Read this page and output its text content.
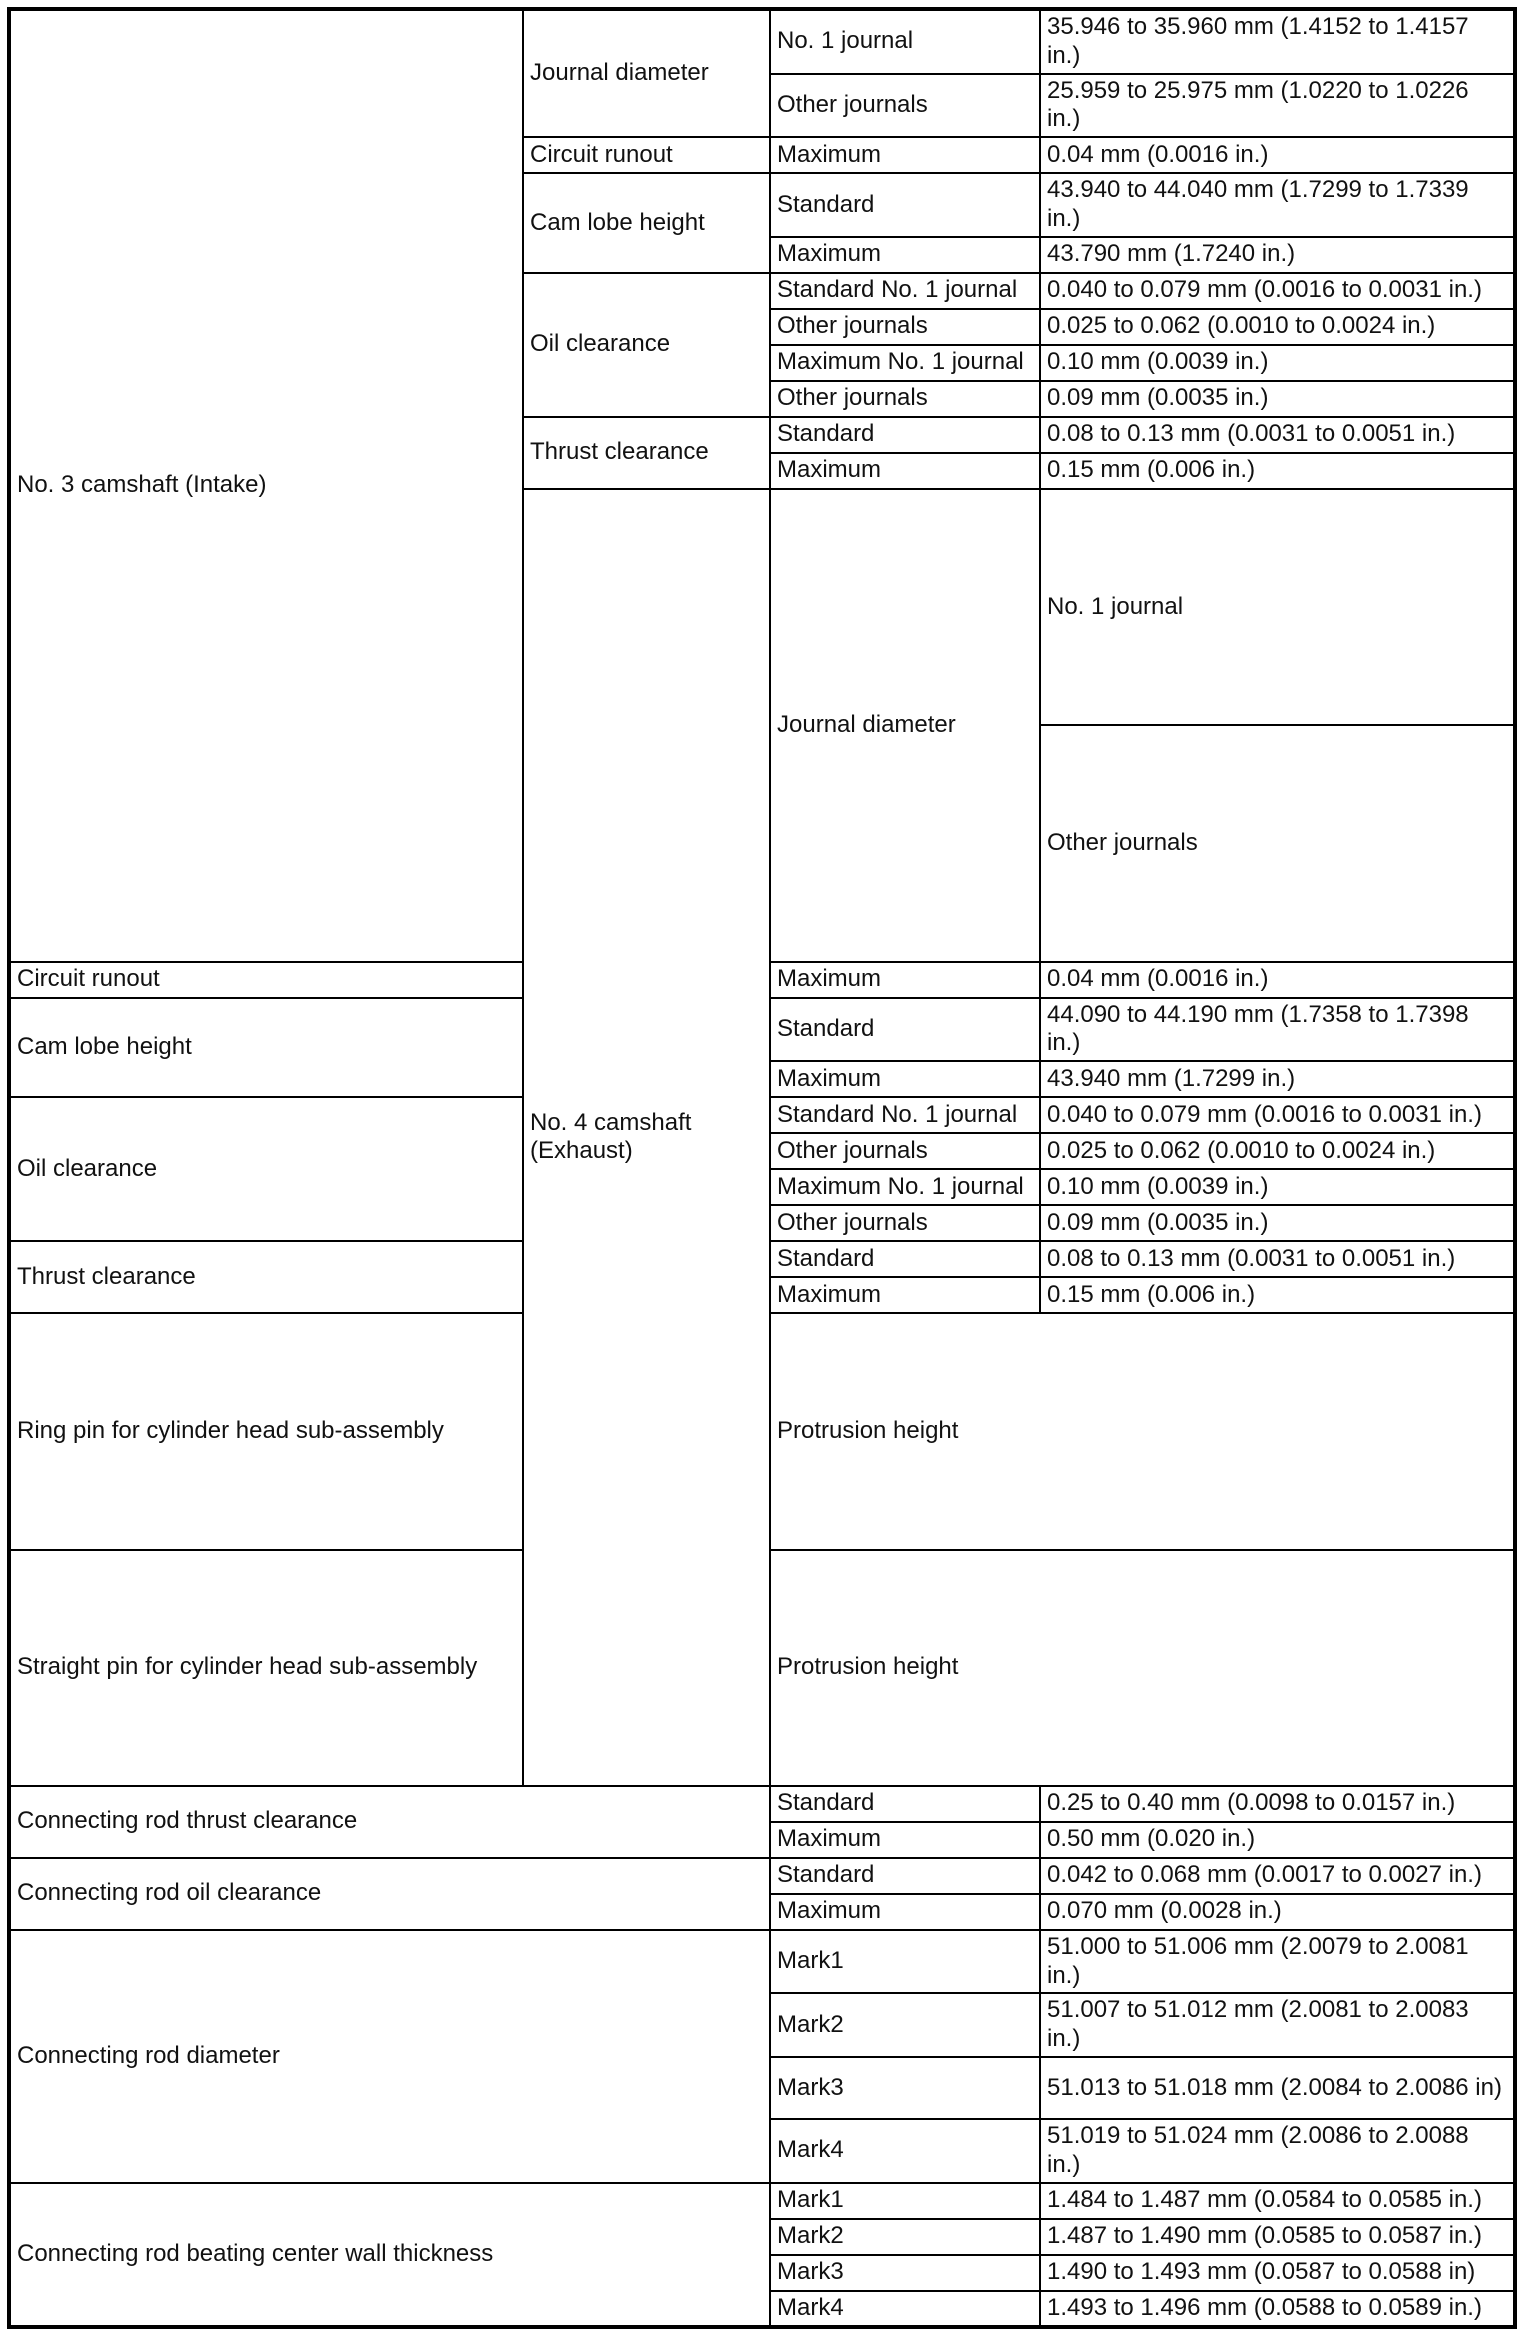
No. 3 camshaft (Intake)	Journal diameter	No. 1 journal	35.946 to 35.960 mm (1.4152 to 1.4157 in.)	
		Other journals	25.959 to 25.975 mm (1.0220 to 1.0226 in.)	
	Circuit runout	Maximum	0.04 mm (0.0016 in.)	
	Cam lobe height	Standard	43.940 to 44.040 mm (1.7299 to 1.7339 in.)	
		Maximum	43.790 mm (1.7240 in.)	
	Oil clearance	Standard No. 1 journal	0.040 to 0.079 mm (0.0016 to 0.0031 in.)	
		Other journals	0.025 to 0.062 (0.0010 to 0.0024 in.)	
		Maximum No. 1 journal	0.10 mm (0.0039 in.)	
		Other journals	0.09 mm (0.0035 in.)	
	Thrust clearance	Standard	0.08 to 0.13 mm (0.0031 to 0.0051 in.)	
		Maximum	0.15 mm (0.006 in.)	
	No. 4 camshaft (Exhaust)	Journal diameter	No. 1 journal	
			Other journals	
Circuit runout		Maximum	0.04 mm (0.0016 in.)	
Cam lobe height		Standard	44.090 to 44.190 mm (1.7358 to 1.7398 in.)	
		Maximum	43.940 mm (1.7299 in.)	
Oil clearance		Standard No. 1 journal	0.040 to 0.079 mm (0.0016 to 0.0031 in.)	
		Other journals	0.025 to 0.062 (0.0010 to 0.0024 in.)	
		Maximum No. 1 journal	0.10 mm (0.0039 in.)	
		Other journals	0.09 mm (0.0035 in.)	
Thrust clearance		Standard	0.08 to 0.13 mm (0.0031 to 0.0051 in.)	
		Maximum	0.15 mm (0.006 in.)	
Ring pin for cylinder head sub-assembly		Protrusion height	
Straight pin for cylinder head sub-assembly		Protrusion height	
Connecting rod thrust clearance		Standard	0.25 to 0.40 mm (0.0098 to 0.0157 in.)	
		Maximum	0.50 mm (0.020 in.)	
Connecting rod oil clearance		Standard	0.042 to 0.068 mm (0.0017 to 0.0027 in.)	
		Maximum	0.070 mm (0.0028 in.)	
Connecting rod diameter		Mark1	51.000 to 51.006 mm (2.0079 to 2.0081 in.)	
		Mark2	51.007 to 51.012 mm (2.0081 to 2.0083 in.)	
		Mark3	51.013 to 51.018 mm (2.0084 to 2.0086 in)	
		Mark4	51.019 to 51.024 mm (2.0086 to 2.0088 in.)	
Connecting rod beating center wall thickness		Mark1	1.484 to 1.487 mm (0.0584 to 0.0585 in.)	
		Mark2	1.487 to 1.490 mm (0.0585 to 0.0587 in.)	
		Mark3	1.490 to 1.493 mm (0.0587 to 0.0588 in)	
		Mark4	1.493 to 1.496 mm (0.0588 to 0.0589 in.)	
